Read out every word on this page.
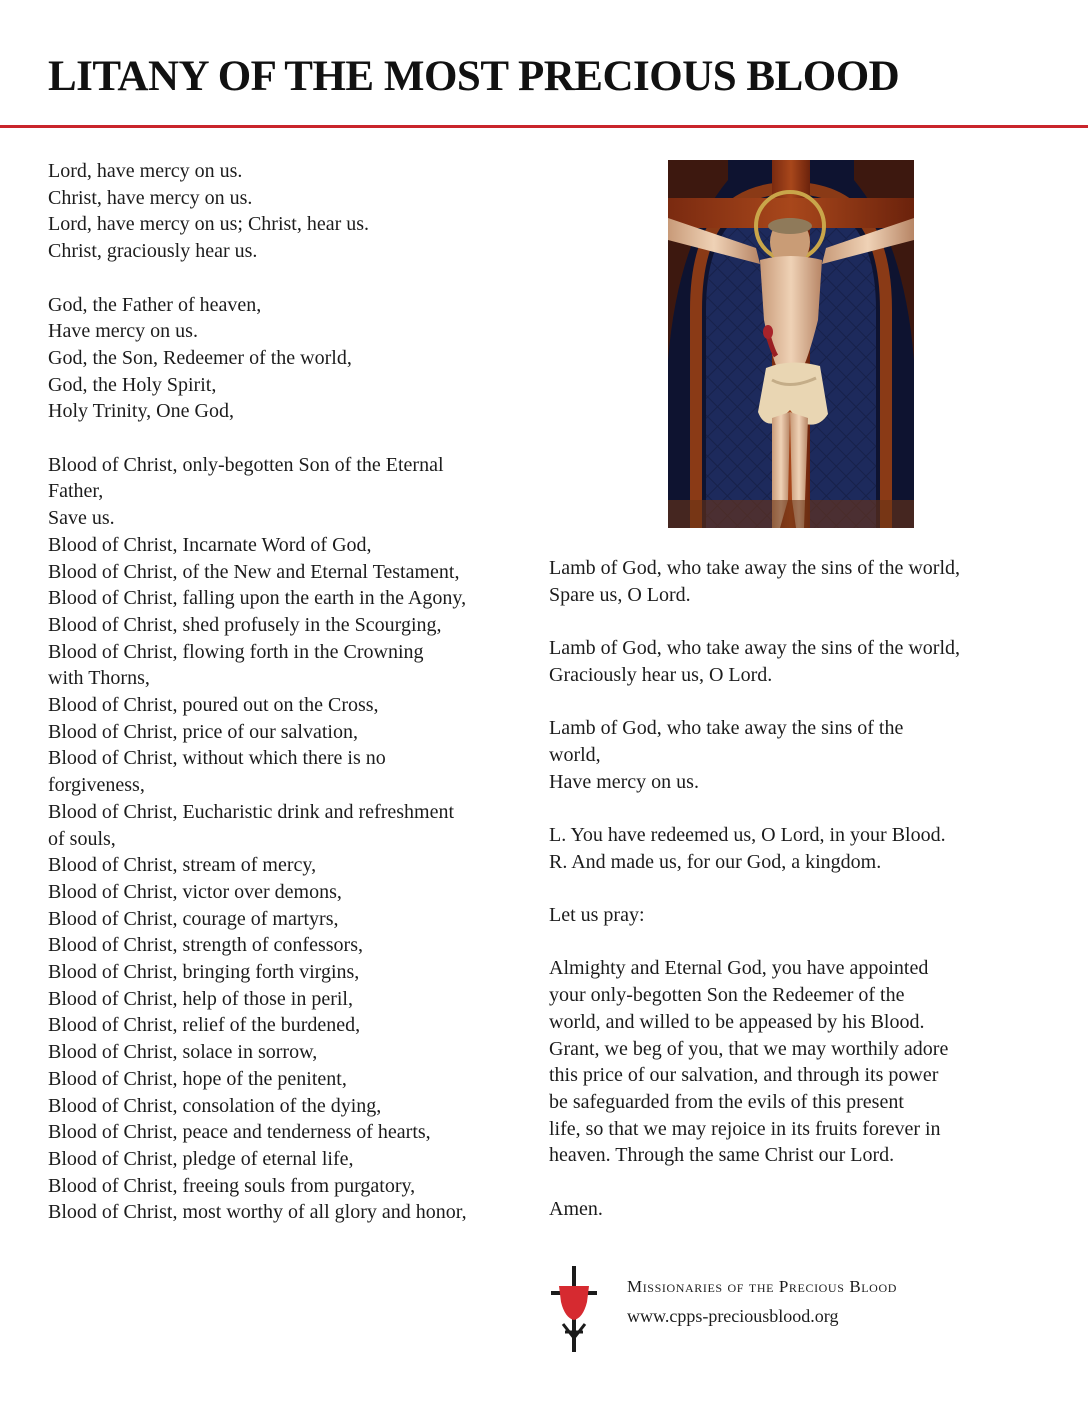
LITANY OF THE MOST PRECIOUS BLOOD
Lord, have mercy on us.
Christ, have mercy on us.
Lord, have mercy on us; Christ, hear us.
Christ, graciously hear us.
God, the Father of heaven,
Have mercy on us.
God, the Son, Redeemer of the world,
God, the Holy Spirit,
Holy Trinity, One God,
Blood of Christ, only-begotten Son of the Eternal
Father,
Save us.
Blood of Christ, Incarnate Word of God,
Blood of Christ, of the New and Eternal Testament,
Blood of Christ, falling upon the earth in the Agony,
Blood of Christ, shed profusely in the Scourging,
Blood of Christ, flowing forth in the Crowning
with Thorns,
Blood of Christ, poured out on the Cross,
Blood of Christ, price of our salvation,
Blood of Christ, without which there is no
forgiveness,
Blood of Christ, Eucharistic drink and refreshment
of souls,
Blood of Christ, stream of mercy,
Blood of Christ, victor over demons,
Blood of Christ, courage of martyrs,
Blood of Christ, strength of confessors,
Blood of Christ, bringing forth virgins,
Blood of Christ, help of those in peril,
Blood of Christ, relief of the burdened,
Blood of Christ, solace in sorrow,
Blood of Christ, hope of the penitent,
Blood of Christ, consolation of the dying,
Blood of Christ, peace and tenderness of hearts,
Blood of Christ, pledge of eternal life,
Blood of Christ, freeing souls from purgatory,
Blood of Christ, most worthy of all glory and honor,
Lamb of God, who take away the sins of the world,
Spare us, O Lord.
Lamb of God, who take away the sins of the world,
Graciously hear us, O Lord.
Lamb of God, who take away the sins of the
world,
Have mercy on us.
L. You have redeemed us, O Lord, in your Blood.
R. And made us, for our God, a kingdom.
Let us pray:
Almighty and Eternal God, you have appointed
your only-begotten Son the Redeemer of the
world, and willed to be appeased by his Blood.
Grant, we beg of you, that we may worthily adore
this price of our salvation, and through its power
be safeguarded from the evils of this present
life, so that we may rejoice in its fruits forever in
heaven. Through the same Christ our Lord.
Amen.
Missionaries of the Precious Blood
www.cpps-preciousblood.org
